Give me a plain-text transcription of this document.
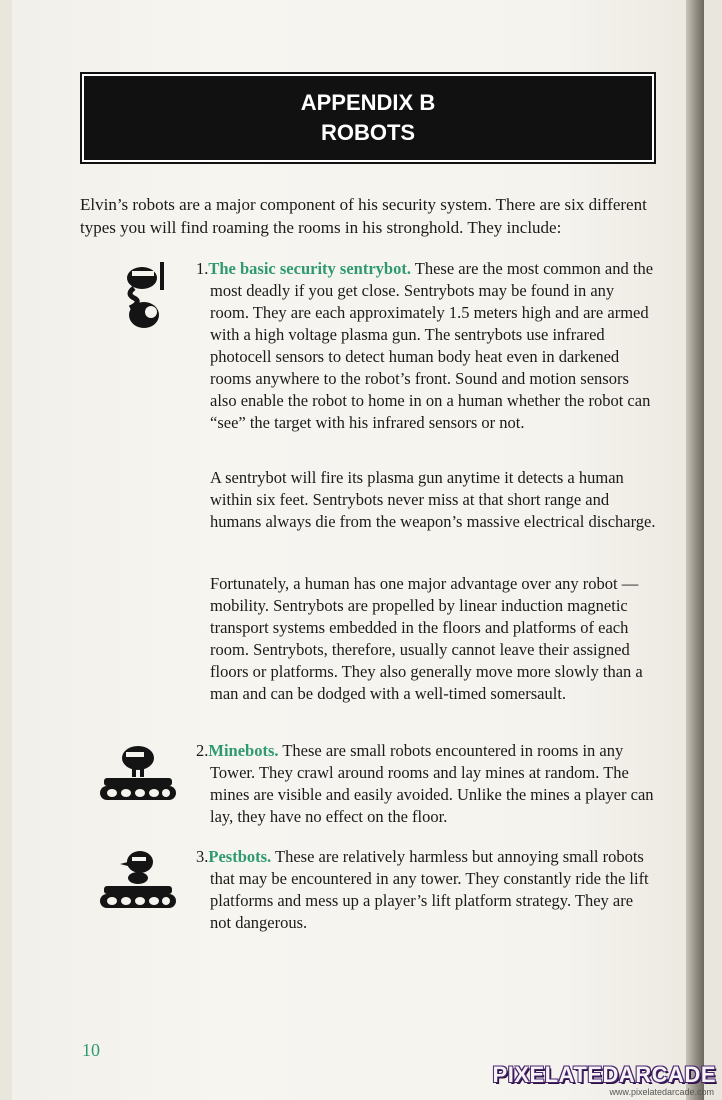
APPENDIX B
ROBOTS

Elvin’s robots are a major component of his security system. There are six different types you will find roaming the rooms in his stronghold. They include:

1.The basic security sentrybot. These are the most common and the most deadly if you get close. Sentrybots may be found in any room. They are each approximately 1.5 meters high and are armed with a high voltage plasma gun. The sentrybots use infrared photocell sensors to detect human body heat even in darkened rooms anywhere to the robot’s front. Sound and motion sensors also enable the robot to home in on a human whether the robot can “see” the target with his infrared sensors or not.

A sentrybot will fire its plasma gun anytime it detects a human within six feet. Sentrybots never miss at that short range and humans always die from the weapon’s massive electrical discharge.

Fortunately, a human has one major advantage over any robot — mobility. Sentrybots are propelled by linear induction magnetic transport systems embedded in the floors and platforms of each room. Sentrybots, therefore, usually cannot leave their assigned floors or platforms. They also generally move more slowly than a man and can be dodged with a well-timed somersault.

2.Minebots. These are small robots encountered in rooms in any Tower. They crawl around rooms and lay mines at random. The mines are visible and easily avoided. Unlike the mines a player can lay, they have no effect on the floor.

3.Pestbots. These are relatively harmless but annoying small robots that may be encountered in any tower. They constantly ride the lift platforms and mess up a player’s lift platform strategy. They are not dangerous.

10
PIXELATEDARCADE
www.pixelatedarcade.com
